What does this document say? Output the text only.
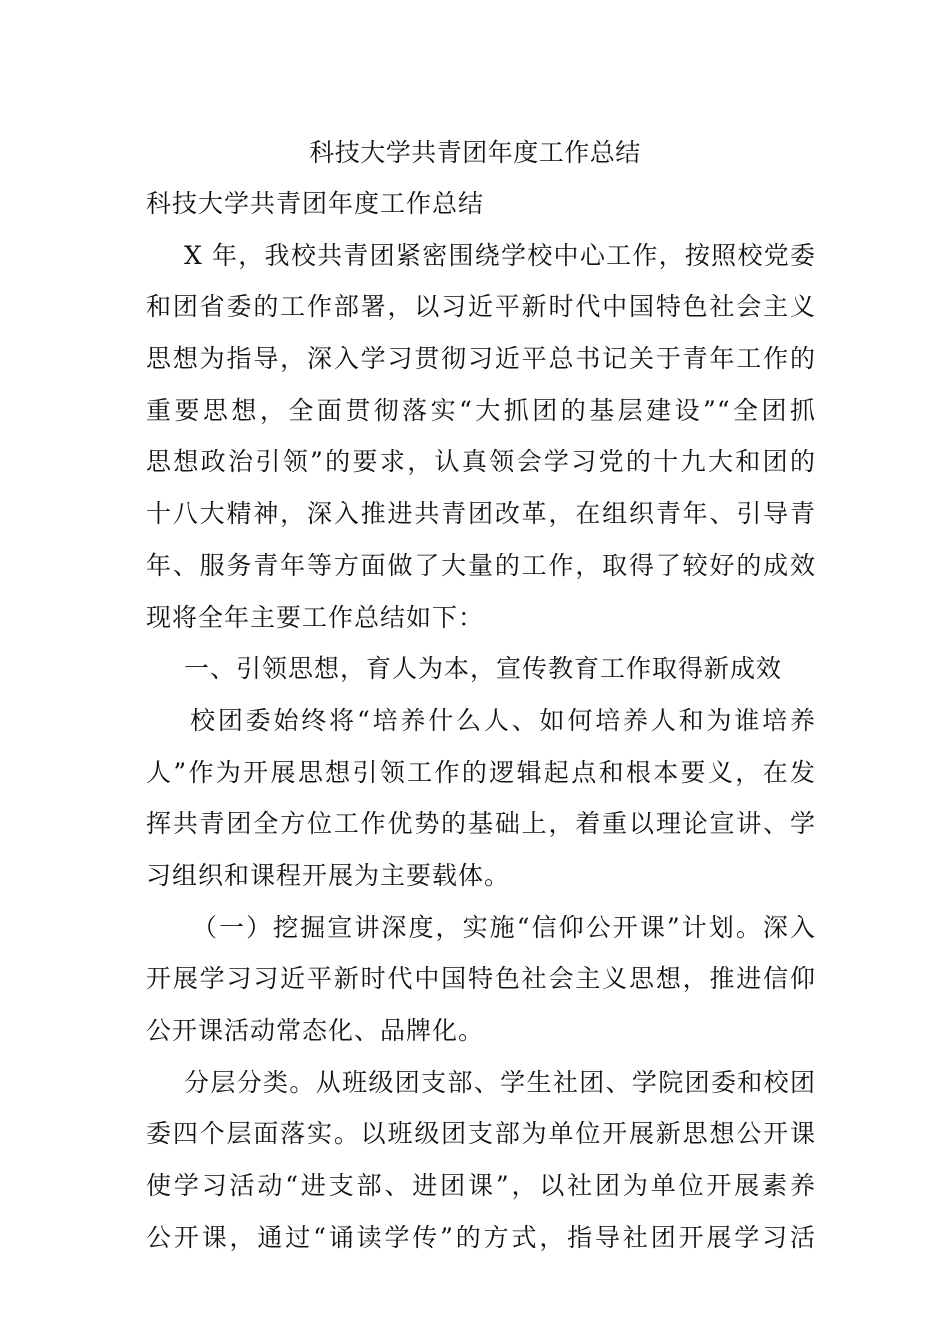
科技大学共青团年度工作总结
科技大学共青团年度工作总结
X 年，我校共青团紧密围绕学校中心工作，按照校党委
和团省委的工作部署，以习近平新时代中国特色社会主义
思想为指导，深入学习贯彻习近平总书记关于青年工作的
重要思想，全面贯彻落实“大抓团的基层建设”“全团抓
思想政治引领”的要求，认真领会学习党的十九大和团的
十八大精神，深入推进共青团改革，在组织青年、引导青
年、服务青年等方面做了大量的工作，取得了较好的成效
现将全年主要工作总结如下：
一、引领思想，育人为本，宣传教育工作取得新成效
校团委始终将“培养什么人、如何培养人和为谁培养
人”作为开展思想引领工作的逻辑起点和根本要义，在发
挥共青团全方位工作优势的基础上，着重以理论宣讲、学
习组织和课程开展为主要载体。
（一）挖掘宣讲深度，实施“信仰公开课”计划。深入
开展学习习近平新时代中国特色社会主义思想，推进信仰
公开课活动常态化、品牌化。
分层分类。从班级团支部、学生社团、学院团委和校团
委四个层面落实。以班级团支部为单位开展新思想公开课
使学习活动“进支部、进团课”，以社团为单位开展素养
公开课，通过“诵读学传”的方式，指导社团开展学习活
